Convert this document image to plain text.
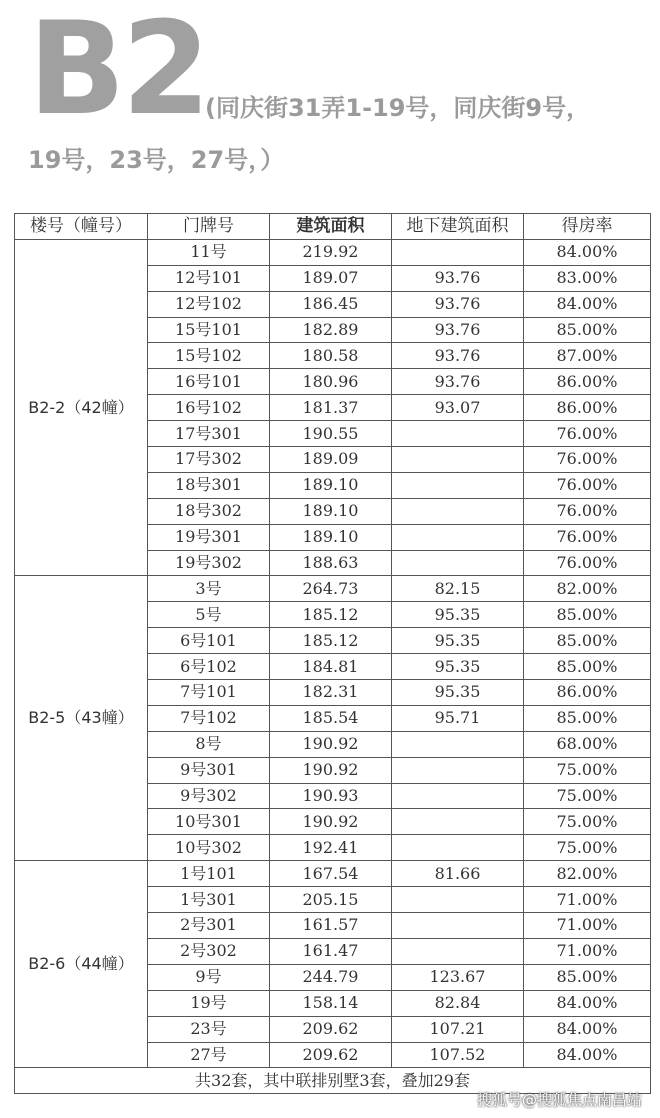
B2
(同庆街31弄1-19号，同庆街9号，
19号，23号，27号，）
楼号（幢号）	门牌号	建筑面积	地下建筑面积	得房率
B2-2（42幢）	11号	219.92		84.00%
	12号101	189.07	93.76	83.00%
	12号102	186.45	93.76	84.00%
	15号101	182.89	93.76	85.00%
	15号102	180.58	93.76	87.00%
	16号101	180.96	93.76	86.00%
	16号102	181.37	93.07	86.00%
	17号301	190.55		76.00%
	17号302	189.09		76.00%
	18号301	189.10		76.00%
	18号302	189.10		76.00%
	19号301	189.10		76.00%
	19号302	188.63		76.00%
B2-5（43幢）	3号	264.73	82.15	82.00%
	5号	185.12	95.35	85.00%
	6号101	185.12	95.35	85.00%
	6号102	184.81	95.35	85.00%
	7号101	182.31	95.35	86.00%
	7号102	185.54	95.71	85.00%
	8号	190.92		68.00%
	9号301	190.92		75.00%
	9号302	190.93		75.00%
	10号301	190.92		75.00%
	10号302	192.41		75.00%
B2-6（44幢）	1号101	167.54	81.66	82.00%
	1号301	205.15		71.00%
	2号301	161.57		71.00%
	2号302	161.47		71.00%
	9号	244.79	123.67	85.00%
	19号	158.14	82.84	84.00%
	23号	209.62	107.21	84.00%
	27号	209.62	107.52	84.00%
共32套，其中联排别墅3套，叠加29套				
搜狐号@搜狐焦点南昌站
